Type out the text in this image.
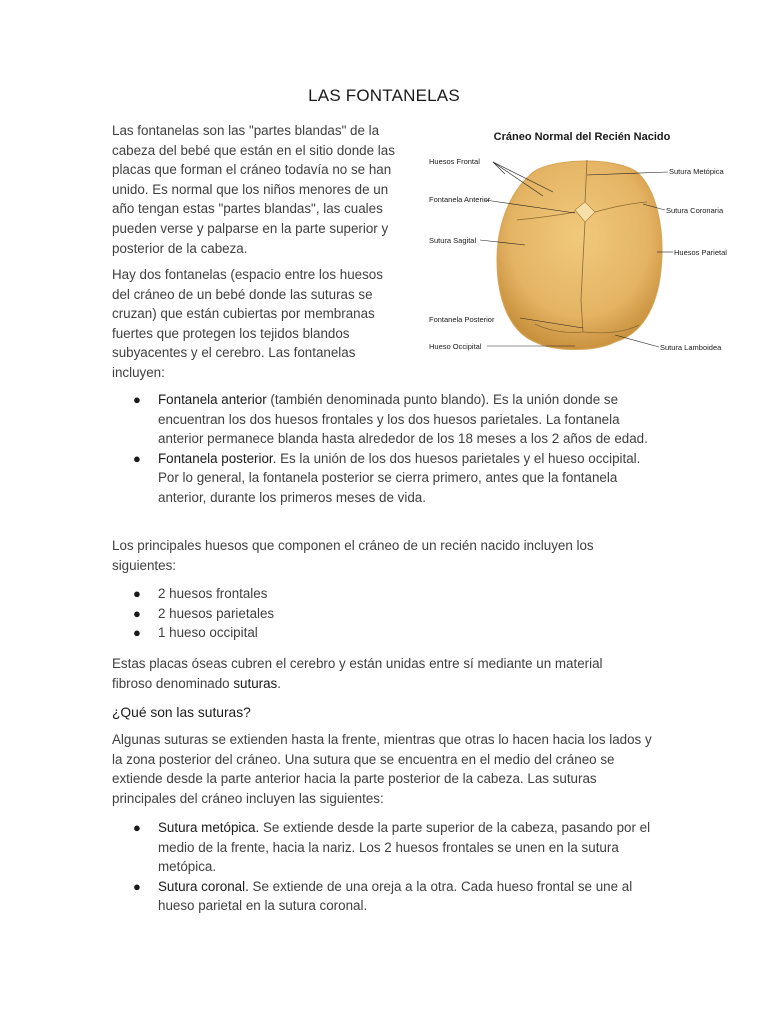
LAS FONTANELAS

Las fontanelas son las "partes blandas" de la cabeza del bebé que están en el sitio donde las placas que forman el cráneo todavía no se han unido. Es normal que los niños menores de un año tengan estas "partes blandas", las cuales pueden verse y palparse en la parte superior y posterior de la cabeza.

Hay dos fontanelas (espacio entre los huesos del cráneo de un bebé donde las suturas se cruzan) que están cubiertas por membranas fuertes que protegen los tejidos blandos subyacentes y el cerebro. Las fontanelas incluyen:

Cráneo Normal del Recién Nacido
Huesos Frontal
Fontanela Anterior
Sutura Sagital
Fontanela Posterior
Hueso Occipital
Sutura Metópica
Sutura Coronaria
Huesos Parietal
Sutura Lamboidea
● Fontanela anterior (también denominada punto blando). Es la unión donde se encuentran los dos huesos frontales y los dos huesos parietales. La fontanela anterior permanece blanda hasta alrededor de los 18 meses a los 2 años de edad.
● Fontanela posterior. Es la unión de los dos huesos parietales y el hueso occipital. Por lo general, la fontanela posterior se cierra primero, antes que la fontanela anterior, durante los primeros meses de vida.

Los principales huesos que componen el cráneo de un recién nacido incluyen los siguientes:

● 2 huesos frontales
● 2 huesos parietales
● 1 hueso occipital

Estas placas óseas cubren el cerebro y están unidas entre sí mediante un material fibroso denominado suturas.

¿Qué son las suturas?

Algunas suturas se extienden hasta la frente, mientras que otras lo hacen hacia los lados y la zona posterior del cráneo. Una sutura que se encuentra en el medio del cráneo se extiende desde la parte anterior hacia la parte posterior de la cabeza. Las suturas principales del cráneo incluyen las siguientes:

● Sutura metópica. Se extiende desde la parte superior de la cabeza, pasando por el medio de la frente, hacia la nariz. Los 2 huesos frontales se unen en la sutura metópica.
● Sutura coronal. Se extiende de una oreja a la otra. Cada hueso frontal se une al hueso parietal en la sutura coronal.
